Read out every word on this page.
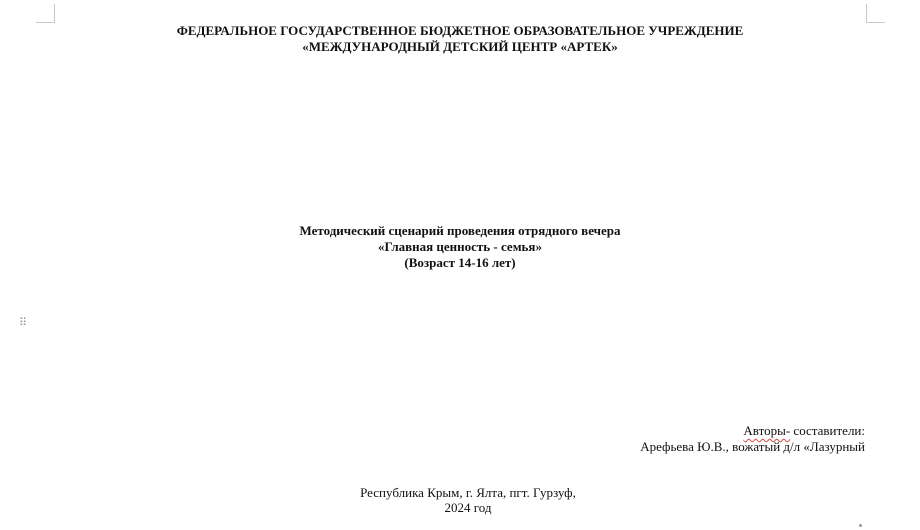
ФЕДЕРАЛЬНОЕ ГОСУДАРСТВЕННОЕ БЮДЖЕТНОЕ ОБРАЗОВАТЕЛЬНОЕ УЧРЕЖДЕНИЕ
«МЕЖДУНАРОДНЫЙ ДЕТСКИЙ ЦЕНТР «АРТЕК»
Методический сценарий проведения отрядного вечера
«Главная ценность - семья»
(Возраст 14-16 лет)
⠿
Авторы- составители:
Арефьева Ю.В., вожатый д/л «Лазурный
Республика Крым, г. Ялта, пгт. Гурзуф,
2024 год
